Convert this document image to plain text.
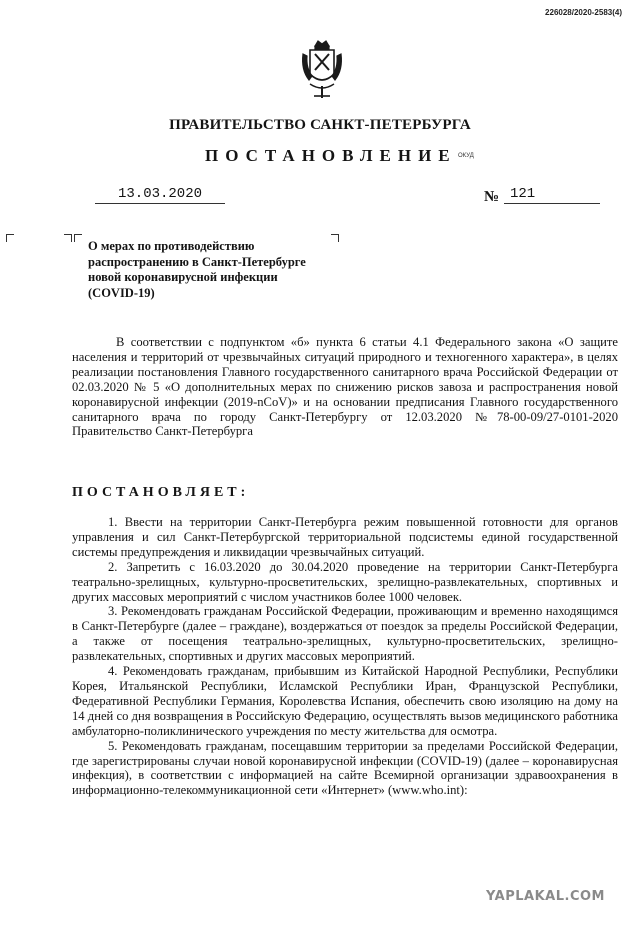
226028/2020-2583(4)
ПРАВИТЕЛЬСТВО САНКТ-ПЕТЕРБУРГА
ПОСТАНОВЛЕНИЕ ОКУД
13.03.2020	№ 121
О мерах по противодействию
распространению в Санкт-Петербурге
новой коронавирусной инфекции
(COVID-19)

В соответствии с подпунктом «б» пункта 6 статьи 4.1 Федерального закона «О защите населения и территорий от чрезвычайных ситуаций природного и техногенного характера», в целях реализации постановления Главного государственного санитарного врача Российской Федерации от 02.03.2020 № 5 «О дополнительных мерах по снижению рисков завоза и распространения новой коронавирусной инфекции (2019-nCoV)» и на основании предписания Главного государственного санитарного врача по городу Санкт-Петербургу от 12.03.2020 №78-00-09/27-0101-2020 Правительство Санкт-Петербурга

ПОСТАНОВЛЯЕТ:

1. Ввести на территории Санкт-Петербурга режим повышенной готовности для органов управления и сил Санкт-Петербургской территориальной подсистемы единой государственной системы предупреждения и ликвидации чрезвычайных ситуаций.

2. Запретить с 16.03.2020 до 30.04.2020 проведение на территории Санкт-Петербурга театрально-зрелищных, культурно-просветительских, зрелищно-развлекательных, спортивных и других массовых мероприятий с числом участников более 1000 человек.

3. Рекомендовать гражданам Российской Федерации, проживающим и временно находящимся в Санкт-Петербурге (далее – граждане), воздержаться от поездок за пределы Российской Федерации, а также от посещения театрально-зрелищных, культурно-просветительских, зрелищно-развлекательных, спортивных и других массовых мероприятий.

4. Рекомендовать гражданам, прибывшим из Китайской Народной Республики, Республики Корея, Итальянской Республики, Исламской Республики Иран, Французской Республики, Федеративной Республики Германия, Королевства Испания, обеспечить свою изоляцию на дому на 14 дней со дня возвращения в Российскую Федерацию, осуществлять вызов медицинского работника амбулаторно-поликлинического учреждения по месту жительства для осмотра.

5. Рекомендовать гражданам, посещавшим территории за пределами Российской Федерации, где зарегистрированы случаи новой коронавирусной инфекции (COVID-19) (далее – коронавирусная инфекция), в соответствии с информацией на сайте Всемирной организации здравоохранения в информационно-телекоммуникационной сети «Интернет» (www.who.int):

YAPLAKAL.COM
